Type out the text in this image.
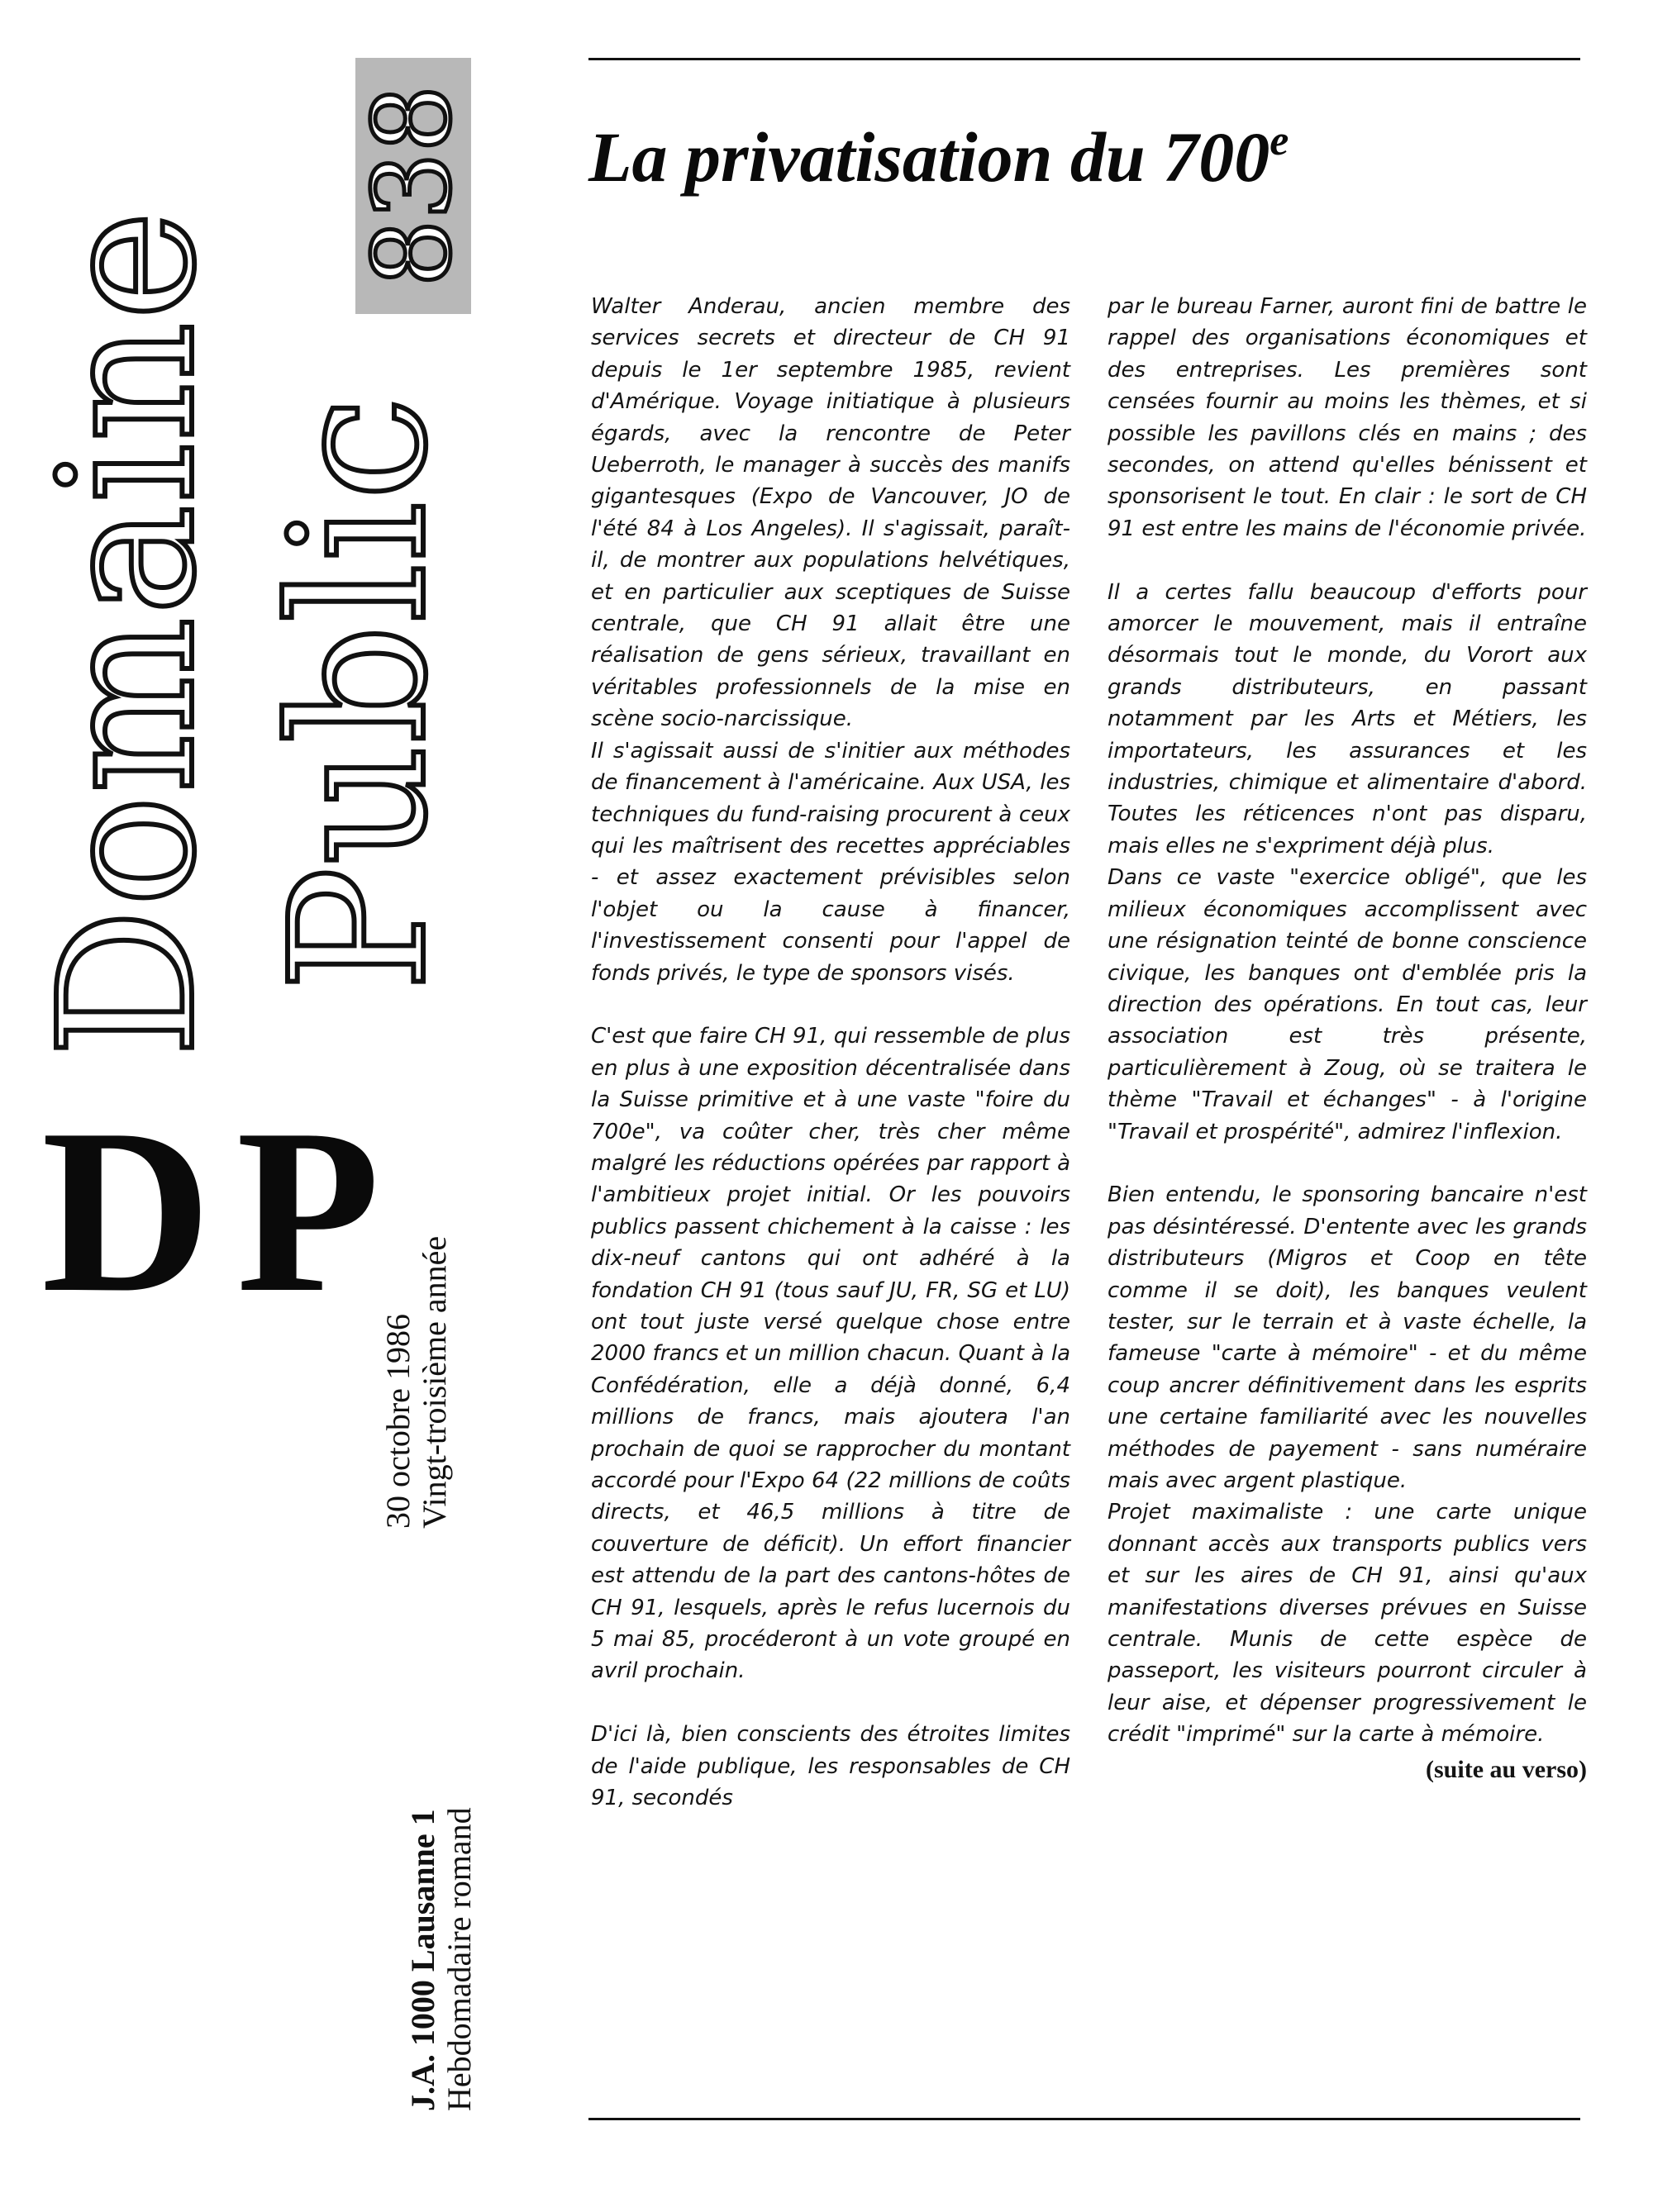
Domaine Public
838
DP
J.A. 1000 Lausanne 1 Hebdomadaire romand
30 octobre 1986 Vingt-troisième année
La privatisation du 700e

Walter Anderau, ancien membre des services secrets et directeur de CH 91 depuis le 1er septembre 1985, revient d'Amérique. Voyage initiatique à plusieurs égards, avec la rencontre de Peter Ueberroth, le manager à succès des manifs gigantesques (Expo de Vancouver, JO de l'été 84 à Los Angeles). Il s'agissait, paraît-il, de montrer aux populations helvétiques, et en particulier aux sceptiques de Suisse centrale, que CH 91 allait être une réalisation de gens sérieux, travaillant en véritables professionnels de la mise en scène socio-narcissique.

Il s'agissait aussi de s'initier aux méthodes de financement à l'américaine. Aux USA, les techniques du fund-raising procurent à ceux qui les maîtrisent des recettes appréciables - et assez exactement prévisibles selon l'objet ou la cause à financer, l'investissement consenti pour l'appel de fonds privés, le type de sponsors visés.

C'est que faire CH 91, qui ressemble de plus en plus à une exposition décentralisée dans la Suisse primitive et à une vaste "foire du 700e", va coûter cher, très cher même malgré les réductions opérées par rapport à l'ambitieux projet initial. Or les pouvoirs publics passent chichement à la caisse : les dix-neuf cantons qui ont adhéré à la fondation CH 91 (tous sauf JU, FR, SG et LU) ont tout juste versé quelque chose entre 2000 francs et un million chacun. Quant à la Confédération, elle a déjà donné, 6,4 millions de francs, mais ajoutera l'an prochain de quoi se rapprocher du montant accordé pour l'Expo 64 (22 millions de coûts directs, et 46,5 millions à titre de couverture de déficit). Un effort financier est attendu de la part des cantons-hôtes de CH 91, lesquels, après le refus lucernois du 5 mai 85, procéderont à un vote groupé en avril prochain.

D'ici là, bien conscients des étroites limites de l'aide publique, les responsables de CH 91, secondés

par le bureau Farner, auront fini de battre le rappel des organisations économiques et des entreprises. Les premières sont censées fournir au moins les thèmes, et si possible les pavillons clés en mains ; des secondes, on attend qu'elles bénissent et sponsorisent le tout. En clair : le sort de CH 91 est entre les mains de l'économie privée.

Il a certes fallu beaucoup d'efforts pour amorcer le mouvement, mais il entraîne désormais tout le monde, du Vorort aux grands distributeurs, en passant notamment par les Arts et Métiers, les importateurs, les assurances et les industries, chimique et alimentaire d'abord. Toutes les réticences n'ont pas disparu, mais elles ne s'expriment déjà plus.

Dans ce vaste "exercice obligé", que les milieux économiques accomplissent avec une résignation teinté de bonne conscience civique, les banques ont d'emblée pris la direction des opérations. En tout cas, leur association est très présente, particulièrement à Zoug, où se traitera le thème "Travail et échanges" - à l'origine "Travail et prospérité", admirez l'inflexion.

Bien entendu, le sponsoring bancaire n'est pas désintéressé. D'entente avec les grands distributeurs (Migros et Coop en tête comme il se doit), les banques veulent tester, sur le terrain et à vaste échelle, la fameuse "carte à mémoire" - et du même coup ancrer définitivement dans les esprits une certaine familiarité avec les nouvelles méthodes de payement - sans numéraire mais avec argent plastique.

Projet maximaliste : une carte unique donnant accès aux transports publics vers et sur les aires de CH 91, ainsi qu'aux manifestations diverses prévues en Suisse centrale. Munis de cette espèce de passeport, les visiteurs pourront circuler à leur aise, et dépenser progressivement le crédit "imprimé" sur la carte à mémoire.

(suite au verso)
